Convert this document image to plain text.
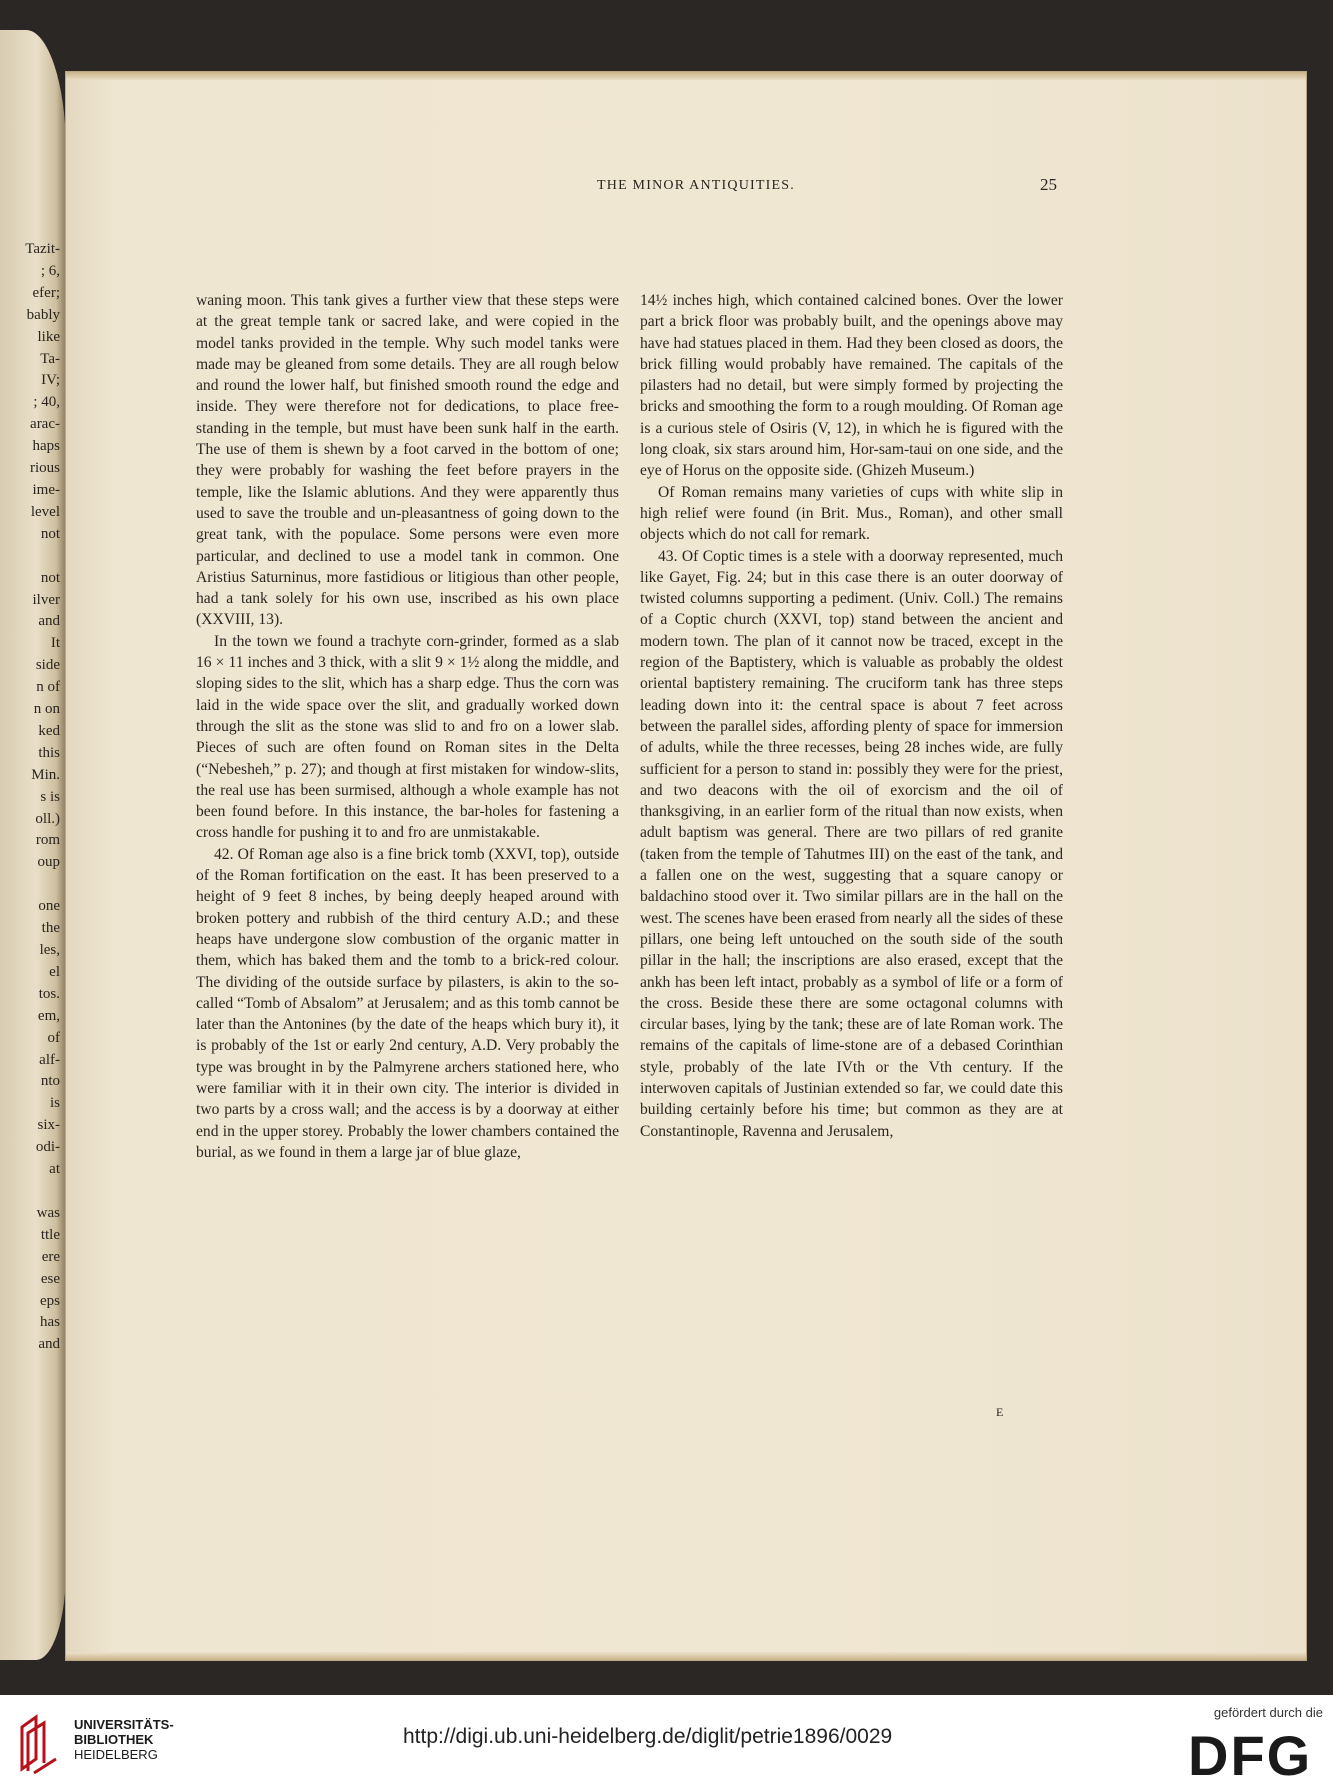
Tazit-
; 6,
efer;
bably
like
Ta-
IV;
; 40,
arac-
haps
rious
ime-
level
not
not
ilver
and
It
side
n of
n on
ked
this
Min.
s is
oll.)
rom
oup
one
the
les,
el
tos.
em,
of
alf-
nto
is
six-
odi-
at
was
ttle
ere
ese
eps
has
and
THE MINOR ANTIQUITIES.	25

waning moon. This tank gives a further view that these steps were at the great temple tank or sacred lake, and were copied in the model tanks provided in the temple. Why such model tanks were made may be gleaned from some details. They are all rough below and round the lower half, but finished smooth round the edge and inside. They were therefore not for dedications, to place free-standing in the temple, but must have been sunk half in the earth. The use of them is shewn by a foot carved in the bottom of one; they were probably for washing the feet before prayers in the temple, like the Islamic ablutions. And they were apparently thus used to save the trouble and un-pleasantness of going down to the great tank, with the populace. Some persons were even more particular, and declined to use a model tank in common. One Aristius Saturninus, more fastidious or litigious than other people, had a tank solely for his own use, inscribed as his own place (XXVIII, 13).

In the town we found a trachyte corn-grinder, formed as a slab 16 × 11 inches and 3 thick, with a slit 9 × 1½ along the middle, and sloping sides to the slit, which has a sharp edge. Thus the corn was laid in the wide space over the slit, and gradually worked down through the slit as the stone was slid to and fro on a lower slab. Pieces of such are often found on Roman sites in the Delta (“Nebesheh,” p. 27); and though at first mistaken for window-slits, the real use has been surmised, although a whole example has not been found before. In this instance, the bar-holes for fastening a cross handle for pushing it to and fro are unmistakable.

42. Of Roman age also is a fine brick tomb (XXVI, top), outside of the Roman fortification on the east. It has been preserved to a height of 9 feet 8 inches, by being deeply heaped around with broken pottery and rubbish of the third century A.D.; and these heaps have undergone slow combustion of the organic matter in them, which has baked them and the tomb to a brick-red colour. The dividing of the outside surface by pilasters, is akin to the so-called “Tomb of Absalom” at Jerusalem; and as this tomb cannot be later than the Antonines (by the date of the heaps which bury it), it is probably of the 1st or early 2nd century, A.D. Very probably the type was brought in by the Palmyrene archers stationed here, who were familiar with it in their own city. The interior is divided in two parts by a cross wall; and the access is by a doorway at either end in the upper storey. Probably the lower chambers contained the burial, as we found in them a large jar of blue glaze,

14½ inches high, which contained calcined bones. Over the lower part a brick floor was probably built, and the openings above may have had statues placed in them. Had they been closed as doors, the brick filling would probably have remained. The capitals of the pilasters had no detail, but were simply formed by projecting the bricks and smoothing the form to a rough moulding. Of Roman age is a curious stele of Osiris (V, 12), in which he is figured with the long cloak, six stars around him, Hor-sam-taui on one side, and the eye of Horus on the opposite side. (Ghizeh Museum.)

Of Roman remains many varieties of cups with white slip in high relief were found (in Brit. Mus., Roman), and other small objects which do not call for remark.

43. Of Coptic times is a stele with a doorway represented, much like Gayet, Fig. 24; but in this case there is an outer doorway of twisted columns supporting a pediment. (Univ. Coll.) The remains of a Coptic church (XXVI, top) stand between the ancient and modern town. The plan of it cannot now be traced, except in the region of the Baptistery, which is valuable as probably the oldest oriental baptistery remaining. The cruciform tank has three steps leading down into it: the central space is about 7 feet across between the parallel sides, affording plenty of space for immersion of adults, while the three recesses, being 28 inches wide, are fully sufficient for a person to stand in: possibly they were for the priest, and two deacons with the oil of exorcism and the oil of thanksgiving, in an earlier form of the ritual than now exists, when adult baptism was general. There are two pillars of red granite (taken from the temple of Tahutmes III) on the east of the tank, and a fallen one on the west, suggesting that a square canopy or baldachino stood over it. Two similar pillars are in the hall on the west. The scenes have been erased from nearly all the sides of these pillars, one being left untouched on the south side of the south pillar in the hall; the inscriptions are also erased, except that the ankh has been left intact, probably as a symbol of life or a form of the cross. Beside these there are some octagonal columns with circular bases, lying by the tank; these are of late Roman work. The remains of the capitals of lime-stone are of a debased Corinthian style, probably of the late IVth or the Vth century. If the interwoven capitals of Justinian extended so far, we could date this building certainly before his time; but common as they are at Constantinople, Ravenna and Jerusalem,

E
UNIVERSITÄTS-
BIBLIOTHEK
HEIDELBERG
http://digi.ub.uni-heidelberg.de/diglit/petrie1896/0029
gefördert durch die
DFG
